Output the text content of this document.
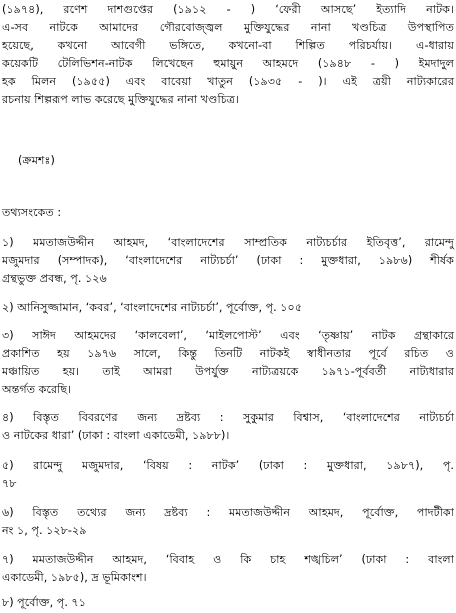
(১৯৭৪), রণেশ দাশগুপ্তের (১৯১২ - ) ‘ফেরী আসছে’ ইত্যাদি নাটক।
এ-সব নাটকে আমাদের গৌরবোজ্জ্বল মুক্তিযুদ্ধের নানা খণ্ডচিত্র উপস্থাপিত
হয়েছে, কখনো আবেগী ভঙ্গিতে, কখনো-বা শিল্পিত পরিচর্যায়। এ-ধারায়
কয়েকটি টেলিভিশন-নাটক লিখেছেন হুমায়ুন আহমদে (১৯৪৮ - ) ইমদাদুল
হক মিলন (১৯৫৫) এবং বাবেয়া খাতুন (১৯৩৫ - )। এই ত্রয়ী নাট্যকারের
রচনায় শিল্পরূপ লাভ করেছে মুক্তিযুদ্ধের নানা খণ্ডচিত্র।
(ক্রমশঃ)
তথ্যসংকেত :
১) মমতাজউদ্দীন আহমদ, ‘বাংলাদেশের সাম্প্রতিক নাট্যচর্চার ইতিবৃত্ত’, রামেন্দু
মজুমদার (সম্পাদক), ‘বাংলাদেশের নাট্যচর্চা’ (ঢাকা : মুক্তধারা, ১৯৮৬) শীর্ষক
গ্রন্থভুক্ত প্রবন্ধ, পৃ. ১২৬
২) আনিসুজ্জামান, ‘কবর’, ‘বাংলাদেশের নাট্যচর্চা’, পূর্বোক্ত, পৃ. ১০৫
৩) সাঈদ আহমদের ‘কালবেলা’, ‘মাইলপোস্ট’ এবং ‘তৃষ্ণায়’ নাটক গ্রন্থাকারে
প্রকাশিত হয় ১৯৭৬ সালে, কিন্তু তিনটি নাটকই স্বাধীনতার পূর্বে রচিত ও
মঞ্চায়িত হয়। তাই আমরা উপর্যুক্ত নাট্যত্রয়কে ১৯৭১-পূর্ববর্তী নাট্যধারার
অন্তর্গত করেছি।
৪) বিস্তৃত বিবরণের জন্য দ্রষ্টব্য : সুকুমার বিশ্বাস, ‘বাংলাদেশের নাট্যচর্চা
ও নাটকের ধারা’ (ঢাকা : বাংলা একাডেমী, ১৯৮৮)।
৫) রামেন্দু মজুমদার, ‘বিষয় : নাটক’ (ঢাকা : মুক্তধারা, ১৯৮৭), পৃ.
৭৮
৬) বিস্তৃত তথ্যের জন্য দ্রষ্টব্য : মমতাজউদ্দীন আহমদ, পূর্বোক্ত, পাদটীকা
নং ১, পৃ. ১২৮-২৯
৭) মমতাজউদ্দীন আহমদ, ‘বিবাহ ও কি চাহ শঙ্খচিল’ (ঢাকা : বাংলা
একাডেমী, ১৯৮৫), দ্র ভূমিকাংশ।
৮) পূর্বোক্ত, পৃ. ৭১
